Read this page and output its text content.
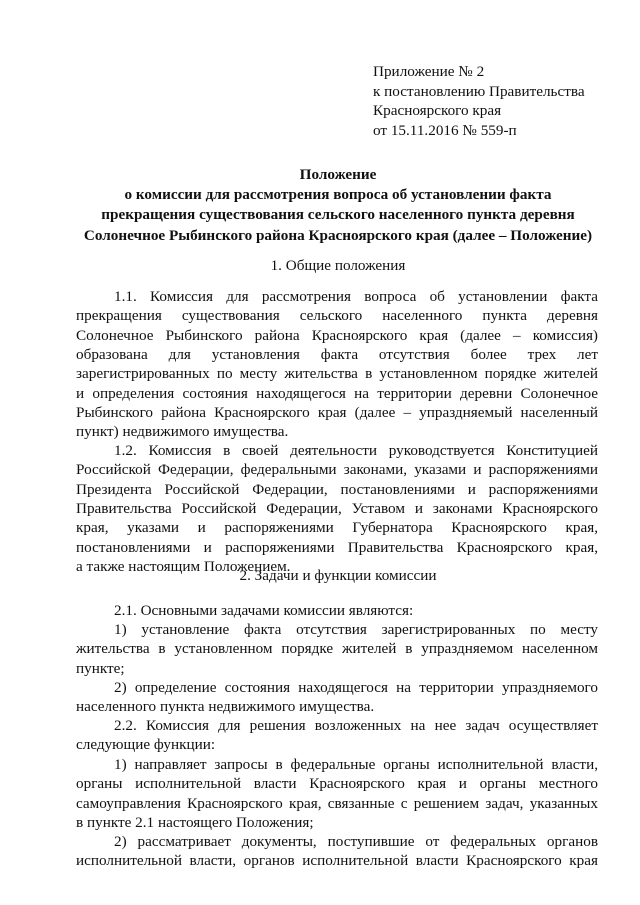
Приложение № 2
к постановлению Правительства
Красноярского края
от 15.11.2016 № 559-п
Положение
о комиссии для рассмотрения вопроса об установлении факта
прекращения существования сельского населенного пункта деревня
Солонечное Рыбинского района Красноярского края (далее – Положение)
1. Общие положения
1.1. Комиссия для рассмотрения вопроса об установлении факта
прекращения существования сельского населенного пункта деревня
Солонечное Рыбинского района Красноярского края (далее – комиссия)
образована для установления факта отсутствия более трех лет
зарегистрированных по месту жительства в установленном порядке жителей
и определения состояния находящегося на территории деревни Солонечное
Рыбинского района Красноярского края (далее – упраздняемый населенный
пункт) недвижимого имущества.
1.2. Комиссия в своей деятельности руководствуется Конституцией
Российской Федерации, федеральными законами, указами и распоряжениями
Президента Российской Федерации, постановлениями и распоряжениями
Правительства Российской Федерации, Уставом и законами Красноярского
края, указами и распоряжениями Губернатора Красноярского края,
постановлениями и распоряжениями Правительства Красноярского края,
а также настоящим Положением.
2. Задачи и функции комиссии
2.1. Основными задачами комиссии являются:
1) установление факта отсутствия зарегистрированных по месту
жительства в установленном порядке жителей в упраздняемом населенном
пункте;
2) определение состояния находящегося на территории упраздняемого
населенного пункта недвижимого имущества.
2.2. Комиссия для решения возложенных на нее задач осуществляет
следующие функции:
1) направляет запросы в федеральные органы исполнительной власти,
органы исполнительной власти Красноярского края и органы местного
самоуправления Красноярского края, связанные с решением задач, указанных
в пункте 2.1 настоящего Положения;
2) рассматривает документы, поступившие от федеральных органов
исполнительной власти, органов исполнительной власти Красноярского края
